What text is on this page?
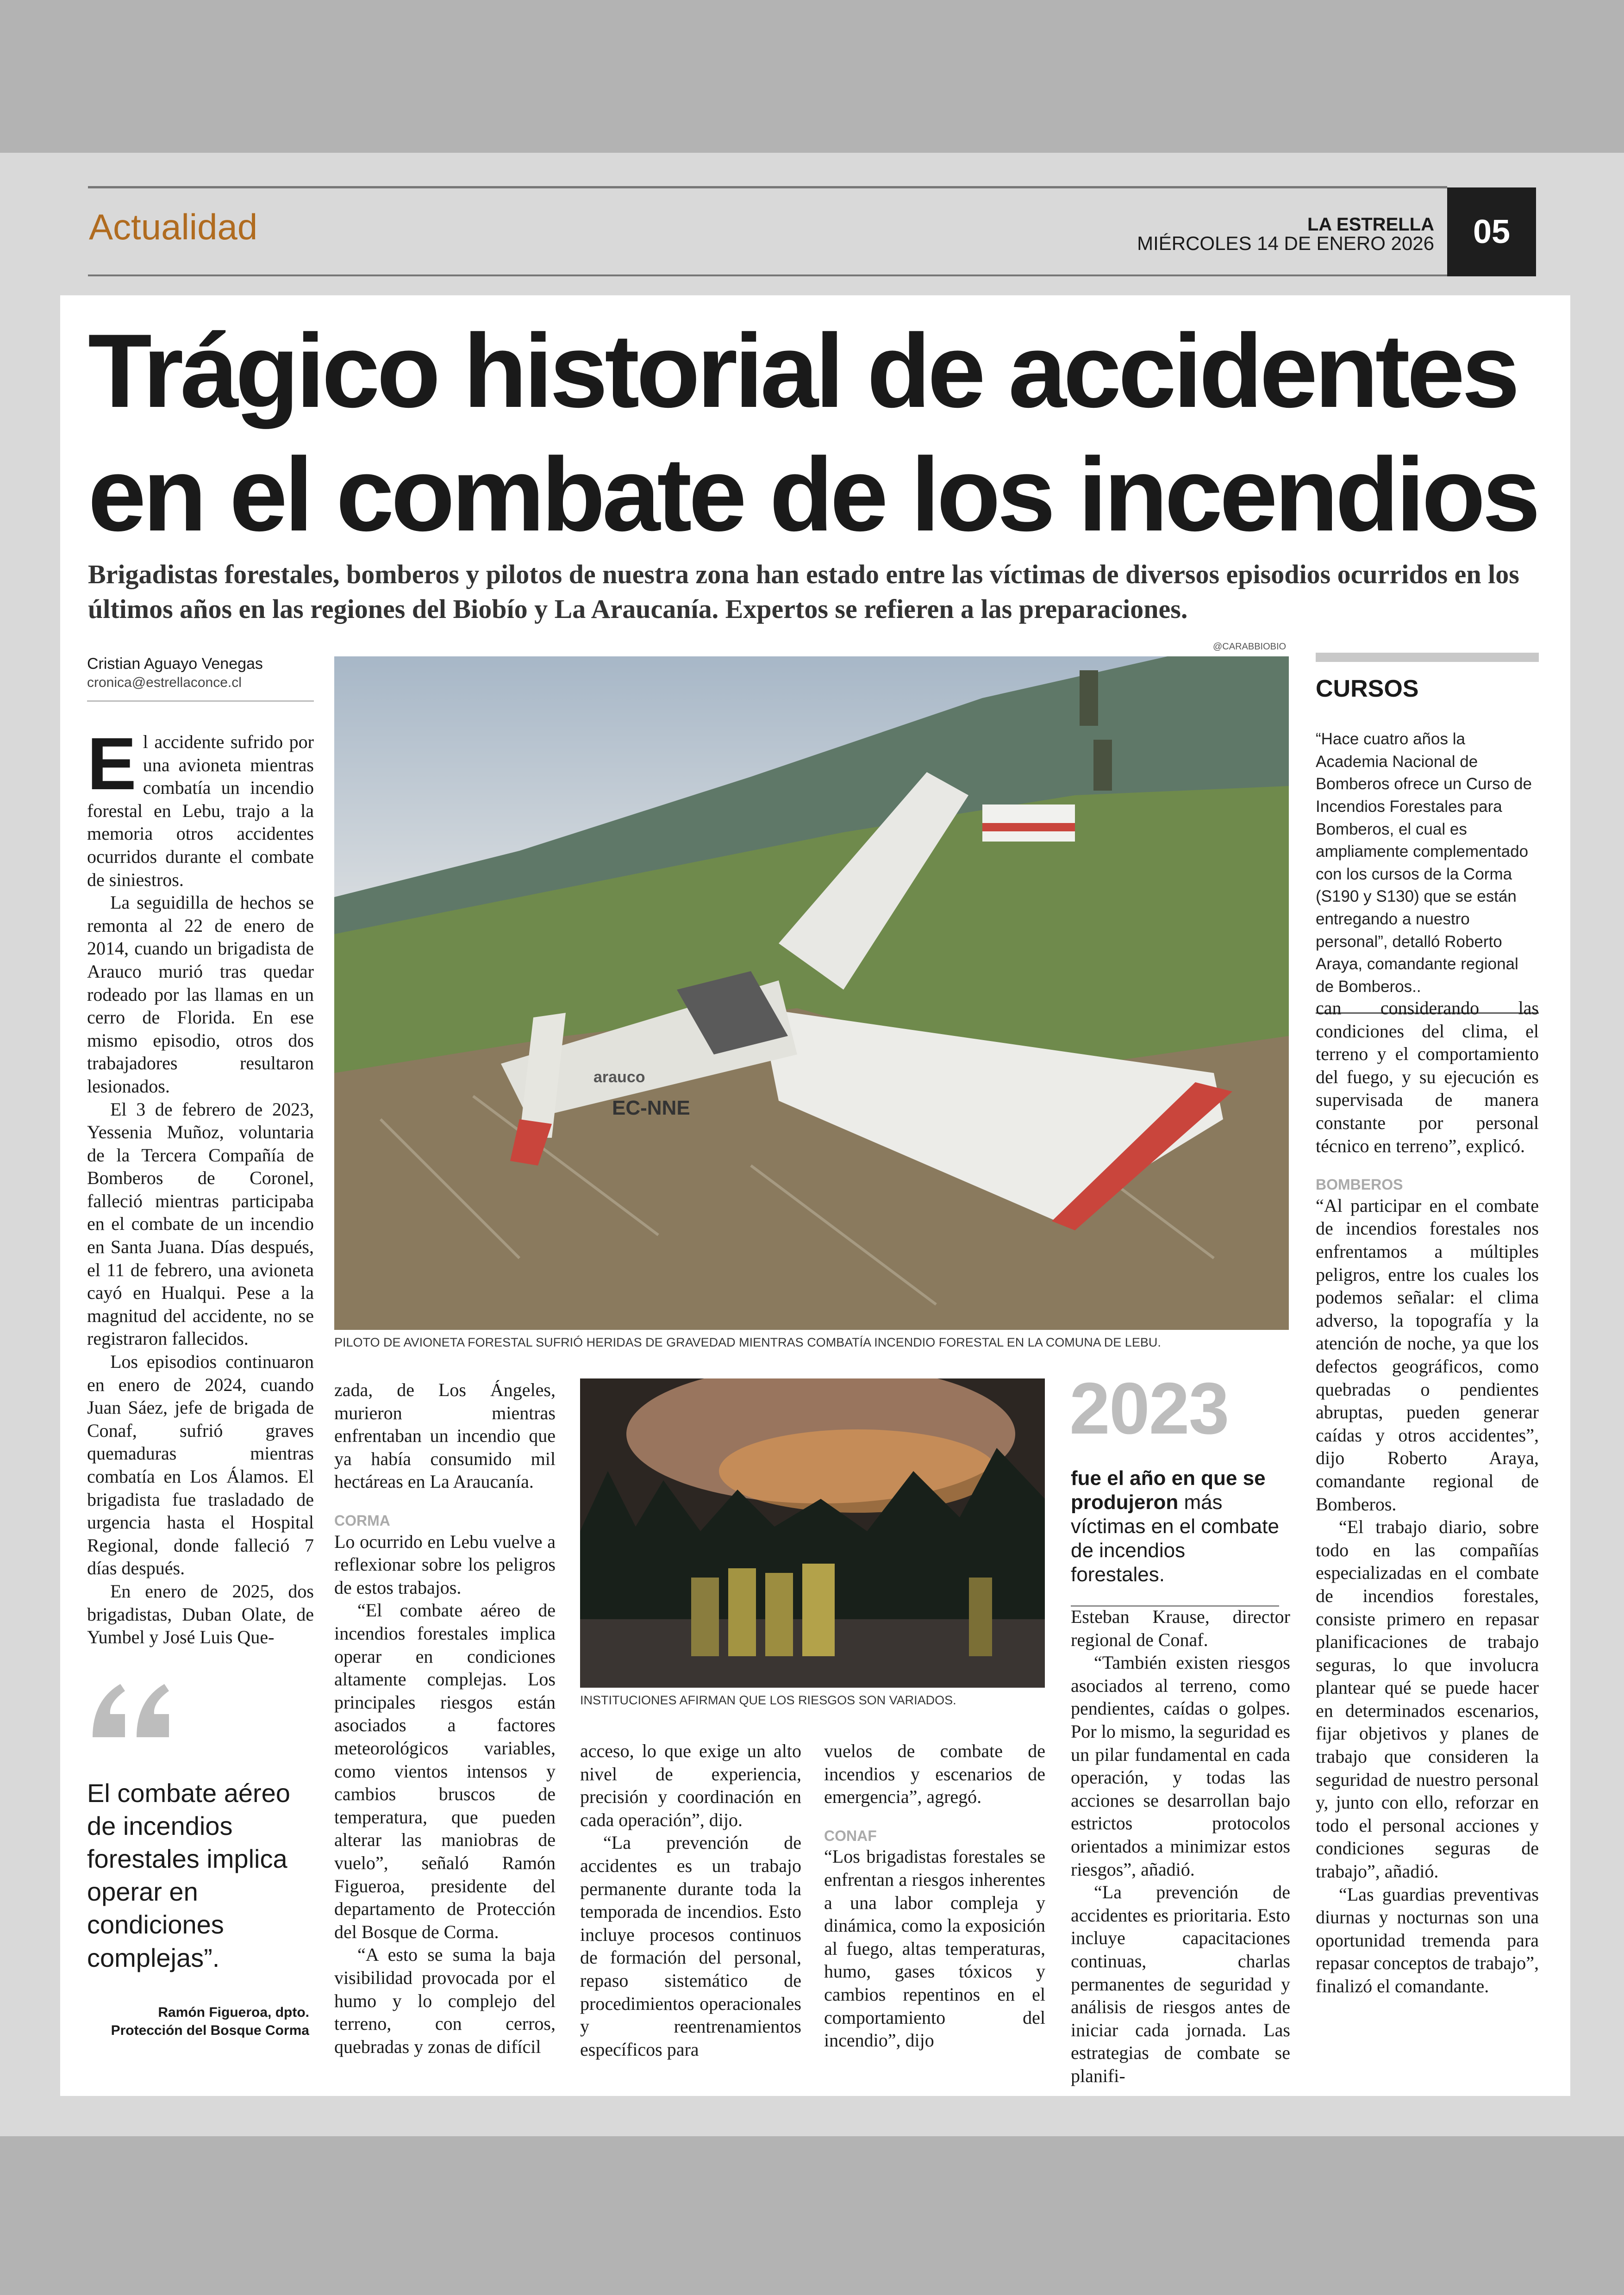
Actualidad	LA ESTRELLA
MIÉRCOLES 14 DE ENERO 2026	05
Trágico historial de accidentes
en el combate de los incendios

Brigadistas forestales, bomberos y pilotos de nuestra zona han estado entre las víctimas de diversos episodios ocurridos en los últimos años en las regiones del Biobío y La Araucanía. Expertos se refieren a las preparaciones.

@CARABBIOBIO
Cristian Aguayo Venegas
cronica@estrellaconce.cl

El accidente sufrido por una avioneta mientras combatía un incendio forestal en Lebu, trajo a la memoria otros accidentes ocurridos durante el combate de siniestros.

La seguidilla de hechos se remonta al 22 de enero de 2014, cuando un brigadista de Arauco murió tras quedar rodeado por las llamas en un cerro de Florida. En ese mismo episodio, otros dos trabajadores resultaron lesionados.

El 3 de febrero de 2023, Yessenia Muñoz, voluntaria de la Tercera Compañía de Bomberos de Coronel, falleció mientras participaba en el combate de un incendio en Santa Juana. Días después, el 11 de febrero, una avioneta cayó en Hualqui. Pese a la magnitud del accidente, no se registraron fallecidos.

Los episodios continuaron en enero de 2024, cuando Juan Sáez, jefe de brigada de Conaf, sufrió graves quemaduras mientras combatía en Los Álamos. El brigadista fue trasladado de urgencia hasta el Hospital Regional, donde falleció 7 días después.

En enero de 2025, dos brigadistas, Duban Olate, de Yumbel y José Luis Que-

arauco
EC-NNE
PILOTO DE AVIONETA FORESTAL SUFRIÓ HERIDAS DE GRAVEDAD MIENTRAS COMBATÍA INCENDIO FORESTAL EN LA COMUNA DE LEBU.

zada, de Los Ángeles, murieron mientras enfrentaban un incendio que ya había consumido mil hectáreas en La Araucanía.

CORMA

Lo ocurrido en Lebu vuelve a reflexionar sobre los peligros de estos trabajos.

“El combate aéreo de incendios forestales implica operar en condiciones altamente complejas. Los principales riesgos están asociados a factores meteorológicos variables, como vientos intensos y cambios bruscos de temperatura, que pueden alterar las maniobras de vuelo”, señaló Ramón Figueroa, presidente del departamento de Protección del Bosque de Corma.

“A esto se suma la baja visibilidad provocada por el humo y lo complejo del terreno, con cerros, quebradas y zonas de difícil

INSTITUCIONES AFIRMAN QUE LOS RIESGOS SON VARIADOS.

acceso, lo que exige un alto nivel de experiencia, precisión y coordinación en cada operación”, dijo.

“La prevención de accidentes es un trabajo permanente durante toda la temporada de incendios. Esto incluye procesos continuos de formación del personal, repaso sistemático de procedimientos operacionales y reentrenamientos específicos para

vuelos de combate de incendios y escenarios de emergencia”, agregó.

CONAF

“Los brigadistas forestales se enfrentan a riesgos inherentes a una labor compleja y dinámica, como la exposición al fuego, altas temperaturas, humo, gases tóxicos y cambios repentinos en el comportamiento del incendio”, dijo

2023
fue el año en que se produjeron más víctimas en el combate de incendios forestales.

Esteban Krause, director regional de Conaf.

“También existen riesgos asociados al terreno, como pendientes, caídas o golpes. Por lo mismo, la seguridad es un pilar fundamental en cada operación, y todas las acciones se desarrollan bajo estrictos protocolos orientados a minimizar estos riesgos”, añadió.

“La prevención de accidentes es prioritaria. Esto incluye capacitaciones continuas, charlas permanentes de seguridad y análisis de riesgos antes de iniciar cada jornada. Las estrategias de combate se planifi-

CURSOS
“Hace cuatro años la Academia Nacional de Bomberos ofrece un Curso de Incendios Forestales para Bomberos, el cual es ampliamente complementado con los cursos de la Corma (S190 y S130) que se están entregando a nuestro personal”, detalló Roberto Araya, comandante regional de Bomberos..

can considerando las condiciones del clima, el terreno y el comportamiento del fuego, y su ejecución es supervisada de manera constante por personal técnico en terreno”, explicó.

BOMBEROS

“Al participar en el combate de incendios forestales nos enfrentamos a múltiples peligros, entre los cuales los podemos señalar: el clima adverso, la topografía y la atención de noche, ya que los defectos geográficos, como quebradas o pendientes abruptas, pueden generar caídas y otros accidentes”, dijo Roberto Araya, comandante regional de Bomberos.

“El trabajo diario, sobre todo en las compañías especializadas en el combate de incendios forestales, consiste primero en repasar planificaciones de trabajo seguras, lo que involucra plantear qué se puede hacer en determinados escenarios, fijar objetivos y planes de trabajo que consideren la seguridad de nuestro personal y, junto con ello, reforzar en todo el personal acciones y condiciones seguras de trabajo”, añadió.

“Las guardias preventivas diurnas y nocturnas son una oportunidad tremenda para repasar conceptos de trabajo”, finalizó el comandante.

El combate aéreo de incendios forestales implica operar en condiciones complejas”.
Ramón Figueroa, dpto.
Protección del Bosque Corma
